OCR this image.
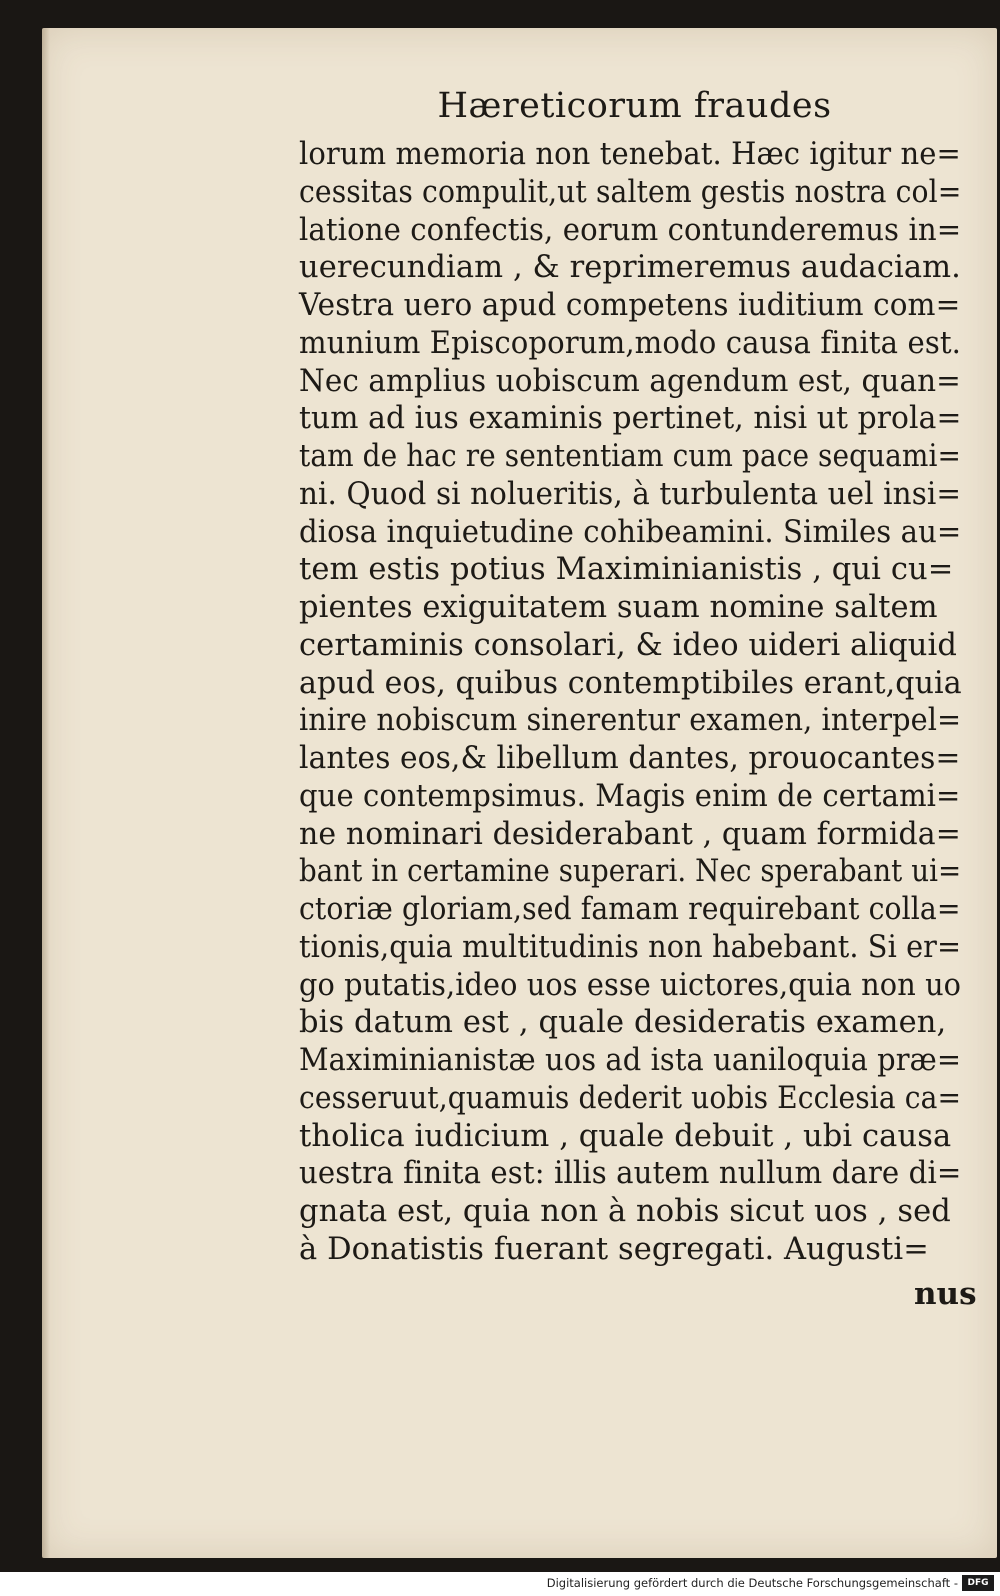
Hæreticorum fraudes
lorum memoria non tenebat. Hæc igitur ne=
cessitas compulit,ut saltem gestis nostra col=
latione confectis, eorum contunderemus in=
uerecundiam , & reprimeremus audaciam.
Vestra uero apud competens iuditium com=
munium Episcoporum,modo causa finita est.
Nec amplius uobiscum agendum est, quan=
tum ad ius examinis pertinet, nisi ut prola=
tam de hac re sententiam cum pace sequami=
ni. Quod si nolueritis, à turbulenta uel insi=
diosa inquietudine cohibeamini. Similes au=
tem estis potius Maximinianistis , qui cu=
pientes exiguitatem suam nomine saltem
certaminis consolari, & ideo uideri aliquid
apud eos, quibus contemptibiles erant,quia
inire nobiscum sinerentur examen, interpel=
lantes eos,& libellum dantes, prouocantes=
que contempsimus. Magis enim de certami=
ne nominari desiderabant , quam formida=
bant in certamine superari. Nec sperabant ui=
ctoriæ gloriam,sed famam requirebant colla=
tionis,quia multitudinis non habebant. Si er=
go putatis,ideo uos esse uictores,quia non uo
bis datum est , quale desideratis examen,
Maximinianistæ uos ad ista uaniloquia præ=
cesseruut,quamuis dederit uobis Ecclesia ca=
tholica iudicium , quale debuit , ubi causa
uestra finita est: illis autem nullum dare di=
gnata est, quia non à nobis sicut uos , sed
à Donatistis fuerant segregati. Augusti=
nus
Digitalisierung gefördert durch die Deutsche Forschungsgemeinschaft -	DFG
